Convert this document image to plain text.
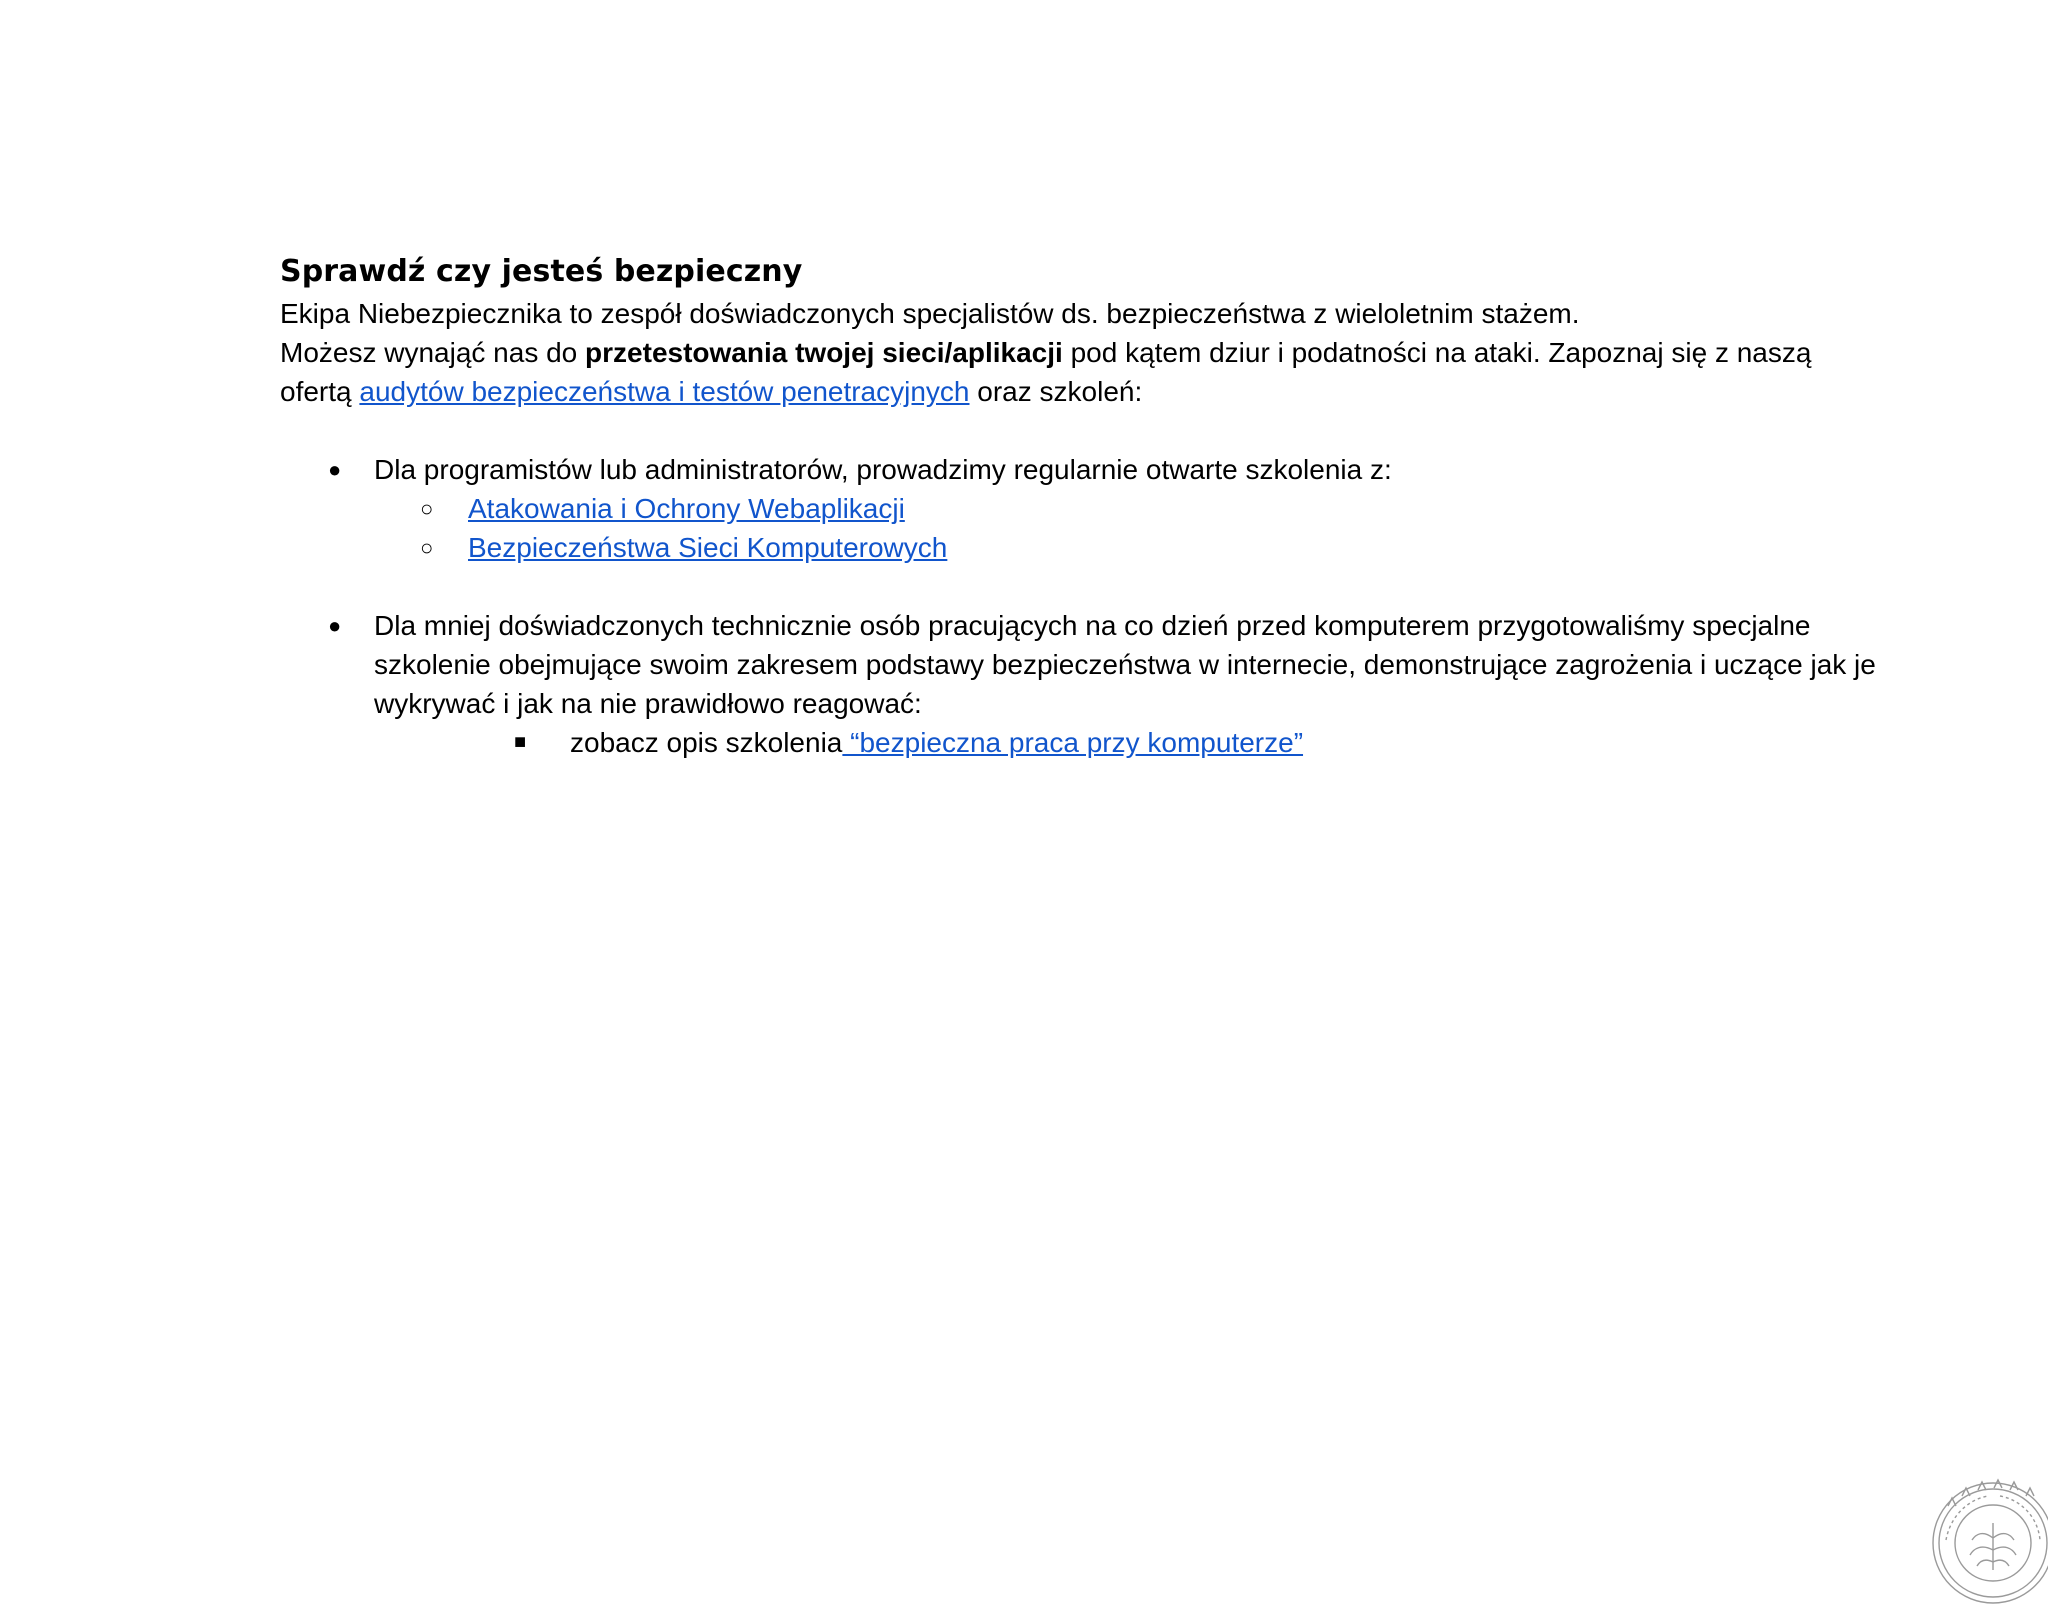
Sprawdź czy jesteś bezpieczny

Ekipa Niebezpiecznika to zespół doświadczonych specjalistów ds. bezpieczeństwa z wieloletnim stażem.

Możesz wynająć nas do przetestowania twojej sieci/aplikacji pod kątem dziur i podatności na ataki. Zapoznaj się z naszą ofertą audytów bezpieczeństwa i testów penetracyjnych oraz szkoleń:

● Dla programistów lub administratorów, prowadzimy regularnie otwarte szkolenia z:
○ Atakowania i Ochrony Webaplikacji
○ Bezpieczeństwa Sieci Komputerowych
● Dla mniej doświadczonych technicznie osób pracujących na co dzień przed komputerem przygotowaliśmy specjalne szkolenie obejmujące swoim zakresem podstawy bezpieczeństwa w internecie, demonstrujące zagrożenia i uczące jak je wykrywać i jak na nie prawidłowo reagować:
■ zobacz opis szkolenia “bezpieczna praca przy komputerze”
